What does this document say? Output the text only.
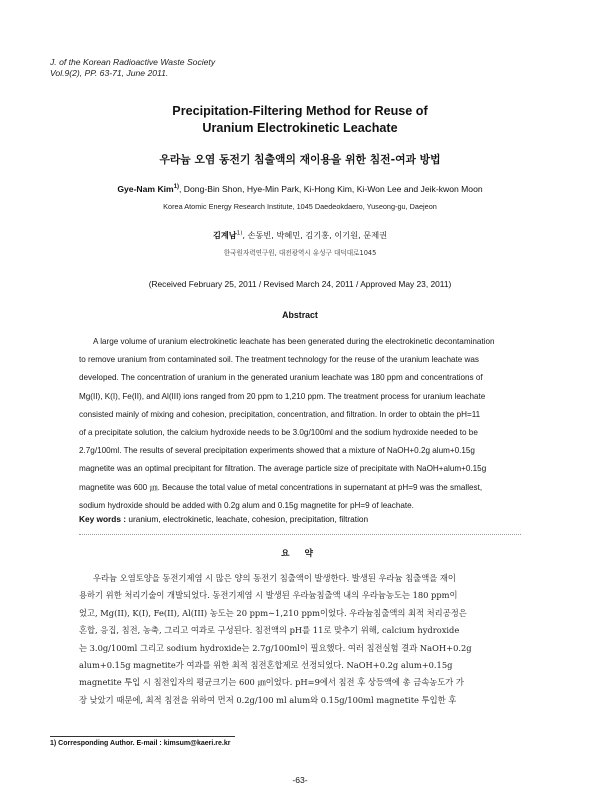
J. of the Korean Radioactive Waste Society
Vol.9(2), PP. 63-71, June 2011.
Precipitation-Filtering Method for Reuse of
Uranium Electrokinetic Leachate
우라늄 오염 동전기 침출액의 재이용을 위한 침전-여과 방법
Gye-Nam Kim$^{1)}$, Dong-Bin Shon, Hye-Min Park, Ki-Hong Kim, Ki-Won Lee and Jeik-kwon Moon
Korea Atomic Energy Research Institute, 1045 Daedeokdaero, Yuseong-gu, Daejeon
김계남$^{1)}$, 손동빈, 박혜민, 김기홍, 이기원, 문제권
한국원자력연구원, 대전광역시 유성구 대덕대로1045
(Received February 25, 2011 / Revised March 24, 2011 / Approved May 23, 2011)
Abstract
A large volume of uranium electrokinetic leachate has been generated during the electrokinetic decontamination
to remove uranium from contaminated soil. The treatment technology for the reuse of the uranium leachate was
developed. The concentration of uranium in the generated uranium leachate was 180 ppm and concentrations of
Mg(II), K(I), Fe(II), and Al(III) ions ranged from 20 ppm to 1,210 ppm. The treatment process for uranium leachate
consisted mainly of mixing and cohesion, precipitation, concentration, and filtration. In order to obtain the pH=11
of a precipitate solution, the calcium hydroxide needs to be 3.0g/100ml and the sodium hydroxide needed to be
2.7g/100ml. The results of several precipitation experiments showed that a mixture of NaOH+0.2g alum+0.15g
magnetite was an optimal precipitant for filtration. The average particle size of precipitate with NaOH+alum+0.15g
magnetite was 600 ㎛. Because the total value of metal concentrations in supernatant at pH=9 was the smallest,
sodium hydroxide should be added with 0.2g alum and 0.15g magnetite for pH=9 of leachate.
Key words : uranium, electrokinetic, leachate, cohesion, precipitation, filtration
요 약
우라늄 오염토양을 동전기제염 시 많은 양의 동전기 침출액이 발생한다. 발생된 우라늄 침출액을 재이
용하기 위한 처리기술이 개발되었다. 동전기제염 시 발생된 우라늄침출액 내의 우라늄농도는 180 ppm이
었고, Mg(II), K(I), Fe(II), Al(III) 농도는 20 ppm∼1,210 ppm이었다. 우라늄침출액의 최적 처리공정은
혼합, 응집, 침전, 농축, 그리고 여과로 구성된다. 침전액의 pH를 11로 맞추기 위해, calcium hydroxide
는 3.0g/100ml 그리고 sodium hydroxide는 2.7g/100ml이 필요했다. 여러 침전실험 결과 NaOH+0.2g
alum+0.15g magnetite가 여과를 위한 최적 침전혼합제로 선정되었다. NaOH+0.2g alum+0.15g
magnetite 투입 시 침전입자의 평균크기는 600 ㎛이었다. pH=9에서 침전 후 상등액에 총 금속농도가 가
장 낮았기 때문에, 최적 침전을 위하여 먼저 0.2g/100 ml alum와 0.15g/100ml magnetite 투입한 후
1) Corresponding Author. E-mail : kimsum@kaeri.re.kr
-63-
